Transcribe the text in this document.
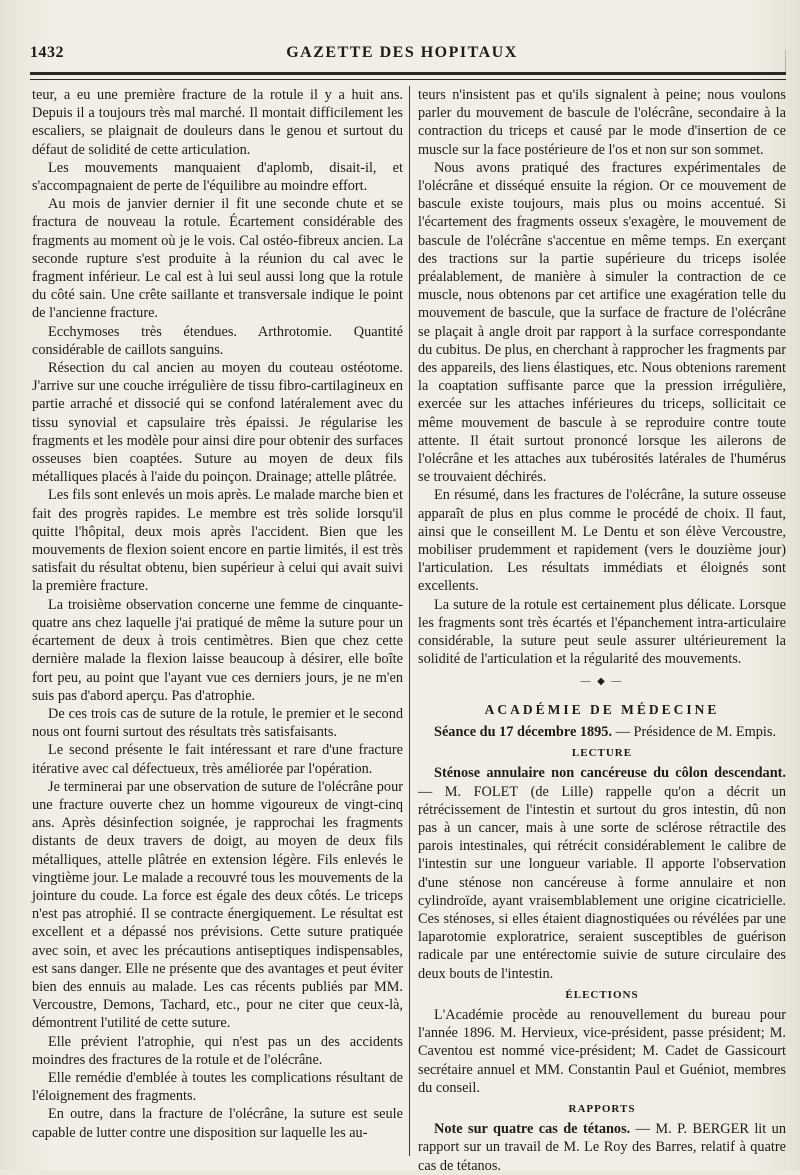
1432	GAZETTE DES HOPITAUX

teur, a eu une première fracture de la rotule il y a huit ans. Depuis il a toujours très mal marché. Il montait difficilement les escaliers, se plaignait de douleurs dans le genou et surtout du défaut de solidité de cette articulation.

Les mouvements manquaient d'aplomb, disait-il, et s'accompagnaient de perte de l'équilibre au moindre effort.

Au mois de janvier dernier il fit une seconde chute et se fractura de nouveau la rotule. Écartement considérable des fragments au moment où je le vois. Cal ostéo-fibreux ancien. La seconde rupture s'est produite à la réunion du cal avec le fragment inférieur. Le cal est à lui seul aussi long que la rotule du côté sain. Une crête saillante et transversale indique le point de l'ancienne fracture.

Ecchymoses très étendues. Arthrotomie. Quantité considérable de caillots sanguins.

Résection du cal ancien au moyen du couteau ostéotome. J'arrive sur une couche irrégulière de tissu fibro-cartilagineux en partie arraché et dissocié qui se confond latéralement avec du tissu synovial et capsulaire très épaissi. Je régularise les fragments et les modèle pour ainsi dire pour obtenir des surfaces osseuses bien coaptées. Suture au moyen de deux fils métalliques placés à l'aide du poinçon. Drainage; attelle plâtrée.

Les fils sont enlevés un mois après. Le malade marche bien et fait des progrès rapides. Le membre est très solide lorsqu'il quitte l'hôpital, deux mois après l'accident. Bien que les mouvements de flexion soient encore en partie limités, il est très satisfait du résultat obtenu, bien supérieur à celui qui avait suivi la première fracture.

La troisième observation concerne une femme de cinquante-quatre ans chez laquelle j'ai pratiqué de même la suture pour un écartement de deux à trois centimètres. Bien que chez cette dernière malade la flexion laisse beaucoup à désirer, elle boîte fort peu, au point que l'ayant vue ces derniers jours, je ne m'en suis pas d'abord aperçu. Pas d'atrophie.

De ces trois cas de suture de la rotule, le premier et le second nous ont fourni surtout des résultats très satisfaisants.

Le second présente le fait intéressant et rare d'une fracture itérative avec cal défectueux, très améliorée par l'opération.

Je terminerai par une observation de suture de l'olécrâne pour une fracture ouverte chez un homme vigoureux de vingt-cinq ans. Après désinfection soignée, je rapprochai les fragments distants de deux travers de doigt, au moyen de deux fils métalliques, attelle plâtrée en extension légère. Fils enlevés le vingtième jour. Le malade a recouvré tous les mouvements de la jointure du coude. La force est égale des deux côtés. Le triceps n'est pas atrophié. Il se contracte énergiquement. Le résultat est excellent et a dépassé nos prévisions. Cette suture pratiquée avec soin, et avec les précautions antiseptiques indispensables, est sans danger. Elle ne présente que des avantages et peut éviter bien des ennuis au malade. Les cas récents publiés par MM. Vercoustre, Demons, Tachard, etc., pour ne citer que ceux-là, démontrent l'utilité de cette suture.

Elle prévient l'atrophie, qui n'est pas un des accidents moindres des fractures de la rotule et de l'olécrâne.

Elle remédie d'emblée à toutes les complications résultant de l'éloignement des fragments.

En outre, dans la fracture de l'olécrâne, la suture est seule capable de lutter contre une disposition sur laquelle les au-

teurs n'insistent pas et qu'ils signalent à peine; nous voulons parler du mouvement de bascule de l'olécrâne, secondaire à la contraction du triceps et causé par le mode d'insertion de ce muscle sur la face postérieure de l'os et non sur son sommet.

Nous avons pratiqué des fractures expérimentales de l'olécrâne et disséqué ensuite la région. Or ce mouvement de bascule existe toujours, mais plus ou moins accentué. Si l'écartement des fragments osseux s'exagère, le mouvement de bascule de l'olécrâne s'accentue en même temps. En exerçant des tractions sur la partie supérieure du triceps isolée préalablement, de manière à simuler la contraction de ce muscle, nous obtenons par cet artifice une exagération telle du mouvement de bascule, que la surface de fracture de l'olécrâne se plaçait à angle droit par rapport à la surface correspondante du cubitus. De plus, en cherchant à rapprocher les fragments par des appareils, des liens élastiques, etc. Nous obtenions rarement la coaptation suffisante parce que la pression irrégulière, exercée sur les attaches inférieures du triceps, sollicitait ce même mouvement de bascule à se reproduire contre toute attente. Il était surtout prononcé lorsque les ailerons de l'olécrâne et les attaches aux tubérosités latérales de l'humérus se trouvaient déchirés.

En résumé, dans les fractures de l'olécrâne, la suture osseuse apparaît de plus en plus comme le procédé de choix. Il faut, ainsi que le conseillent M. Le Dentu et son élève Vercoustre, mobiliser prudemment et rapidement (vers le douzième jour) l'articulation. Les résultats immédiats et éloignés sont excellents.

La suture de la rotule est certainement plus délicate. Lorsque les fragments sont très écartés et l'épanchement intra-articulaire considérable, la suture peut seule assurer ultérieurement la solidité de l'articulation et la régularité des mouvements.

— ◆ —
ACADÉMIE DE MÉDECINE

Séance du 17 décembre 1895. — Présidence de M. Empis.

LECTURE

Sténose annulaire non cancéreuse du côlon descendant. — M. FOLET (de Lille) rappelle qu'on a décrit un rétrécissement de l'intestin et surtout du gros intestin, dû non pas à un cancer, mais à une sorte de sclérose rétractile des parois intestinales, qui rétrécit considérablement le calibre de l'intestin sur une longueur variable. Il apporte l'observation d'une sténose non cancéreuse à forme annulaire et non cylindroïde, ayant vraisemblablement une origine cicatricielle. Ces sténoses, si elles étaient diagnostiquées ou révélées par une laparotomie exploratrice, seraient susceptibles de guérison radicale par une entérectomie suivie de suture circulaire des deux bouts de l'intestin.

ÉLECTIONS

L'Académie procède au renouvellement du bureau pour l'année 1896. M. Hervieux, vice-président, passe président; M. Caventou est nommé vice-président; M. Cadet de Gassicourt secrétaire annuel et MM. Constantin Paul et Guéniot, membres du conseil.

RAPPORTS

Note sur quatre cas de tétanos. — M. P. BERGER lit un rapport sur un travail de M. Le Roy des Barres, relatif à quatre cas de tétanos.
